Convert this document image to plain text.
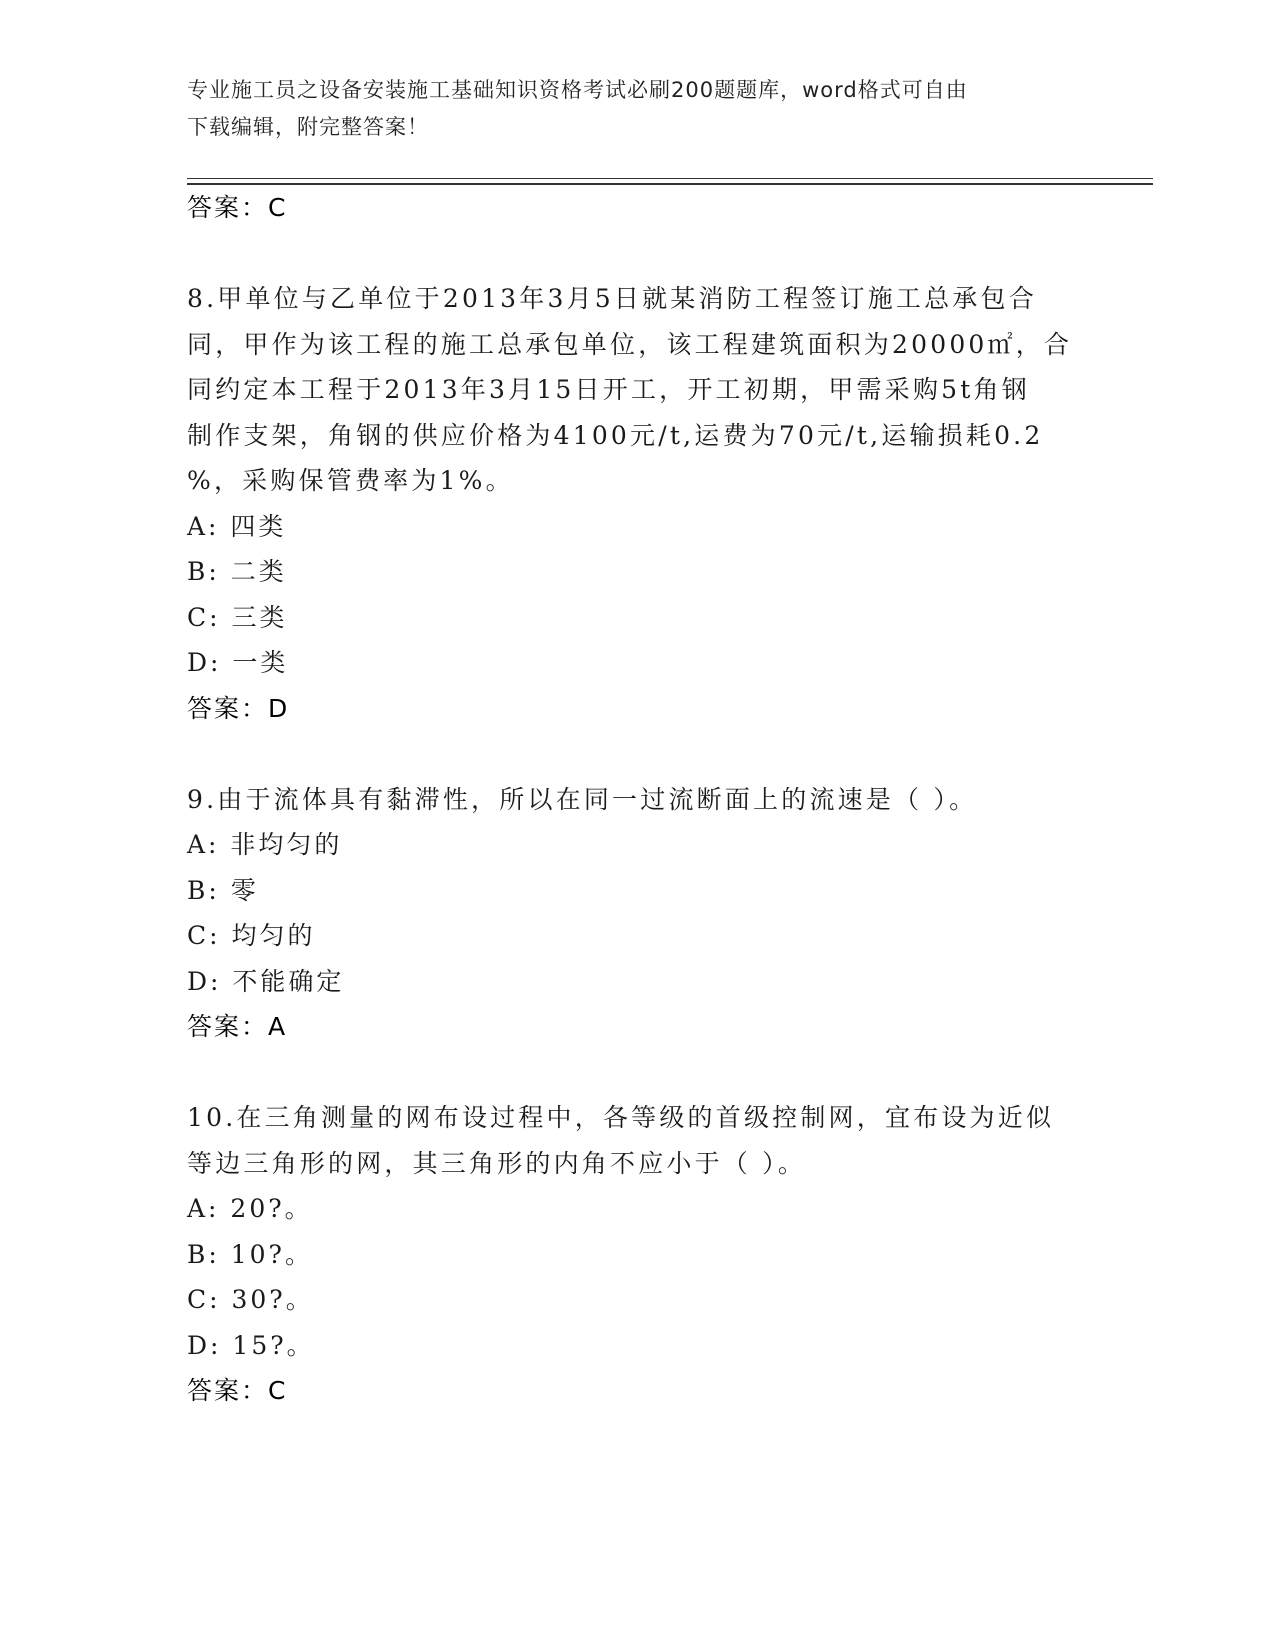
专业施工员之设备安装施工基础知识资格考试必刷200题题库，word格式可自由
下载编辑，附完整答案！
答案：C
8.甲单位与乙单位于2013年3月5日就某消防工程签订施工总承包合
同，甲作为该工程的施工总承包单位，该工程建筑面积为20000㎡，合
同约定本工程于2013年3月15日开工，开工初期，甲需采购5t角钢
制作支架，角钢的供应价格为4100元/t,运费为70元/t,运输损耗0.2
%，采购保管费率为1%。
A: 四类
B: 二类
C: 三类
D: 一类
答案：D
9.由于流体具有黏滞性，所以在同一过流断面上的流速是（ ）。
A: 非均匀的
B: 零
C: 均匀的
D: 不能确定
答案：A
10.在三角测量的网布设过程中，各等级的首级控制网，宜布设为近似
等边三角形的网，其三角形的内角不应小于（ ）。
A: 20?。
B: 10?。
C: 30?。
D: 15?。
答案：C
